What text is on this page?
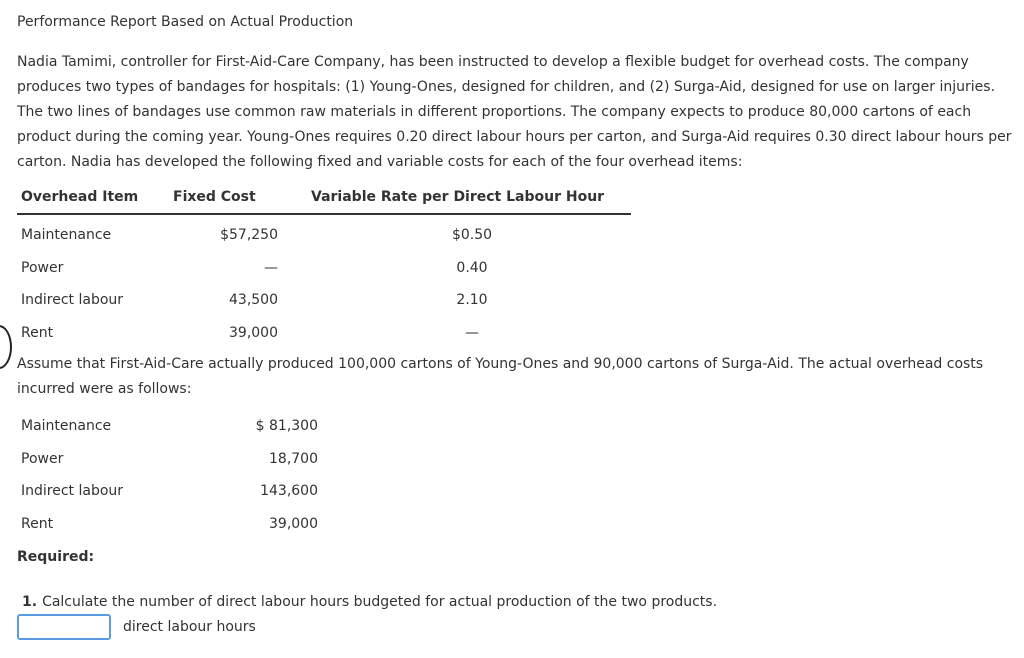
Performance Report Based on Actual Production
Nadia Tamimi, controller for First-Aid-Care Company, has been instructed to develop a flexible budget for overhead costs. The company produces two types of bandages for hospitals: (1) Young-Ones, designed for children, and (2) Surga-Aid, designed for use on larger injuries. The two lines of bandages use common raw materials in different proportions. The company expects to produce 80,000 cartons of each product during the coming year. Young-Ones requires 0.20 direct labour hours per carton, and Surga-Aid requires 0.30 direct labour hours per carton. Nadia has developed the following fixed and variable costs for each of the four overhead items:
Overhead Item	Fixed Cost	Variable Rate per Direct Labour Hour
Maintenance	$57,250	$0.50
Power	—	0.40
Indirect labour	43,500	2.10
Rent	39,000	—
Assume that First-Aid-Care actually produced 100,000 cartons of Young-Ones and 90,000 cartons of Surga-Aid. The actual overhead costs incurred were as follows:
Maintenance	$ 81,300
Power	18,700
Indirect labour	143,600
Rent	39,000
Required:
1. Calculate the number of direct labour hours budgeted for actual production of the two products.
direct labour hours
